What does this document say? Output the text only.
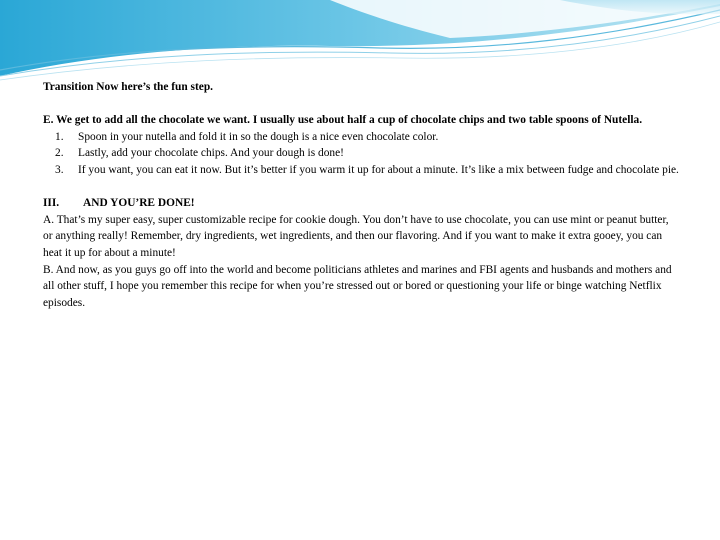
Transition Now here’s the fun step.

E. We get to add all the chocolate we want. I usually use about half a cup of chocolate chips and two table spoons of Nutella.

1. Spoon in your nutella and fold it in so the dough is a nice even chocolate color.
2. Lastly, add your chocolate chips. And your dough is done!
3. If you want, you can eat it now. But it’s better if you warm it up for about a minute. It’s like a mix between fudge and chocolate pie.

III. AND YOU’RE DONE!

A. That’s my super easy, super customizable recipe for cookie dough. You don’t have to use chocolate, you can use mint or peanut butter, or anything really! Remember, dry ingredients, wet ingredients, and then our flavoring. And if you want to make it extra gooey, you can heat it up for about a minute!

B. And now, as you guys go off into the world and become politicians athletes and marines and FBI agents and husbands and mothers and all other stuff, I hope you remember this recipe for when you’re stressed out or bored or questioning your life or binge watching Netflix episodes.
